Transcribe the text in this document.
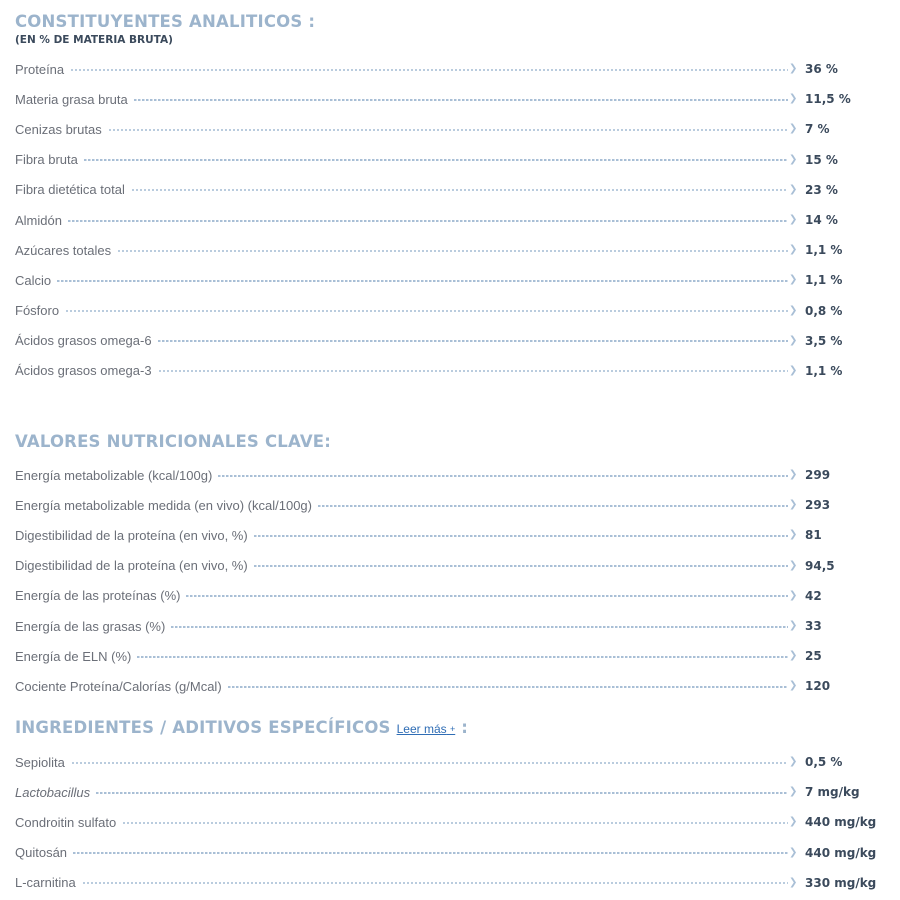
CONSTITUYENTES ANALITICOS :
(EN % DE MATERIA BRUTA)
Proteína	❯ 36 %
Materia grasa bruta	❯ 11,5 %
Cenizas brutas	❯ 7 %
Fibra bruta	❯ 15 %
Fibra dietética total	❯ 23 %
Almidón	❯ 14 %
Azúcares totales	❯ 1,1 %
Calcio	❯ 1,1 %
Fósforo	❯ 0,8 %
Ácidos grasos omega-6	❯ 3,5 %
Ácidos grasos omega-3	❯ 1,1 %
VALORES NUTRICIONALES CLAVE:
Energía metabolizable (kcal/100g)	❯ 299
Energía metabolizable medida (en vivo) (kcal/100g)	❯ 293
Digestibilidad de la proteína (en vivo, %)	❯ 81
Digestibilidad de la proteína (en vivo, %)	❯ 94,5
Energía de las proteínas (%)	❯ 42
Energía de las grasas (%)	❯ 33
Energía de ELN (%)	❯ 25
Cociente Proteína/Calorías (g/Mcal)	❯ 120
INGREDIENTES / ADITIVOS ESPECÍFICOS Leer más + :
Sepiolita	❯ 0,5 %
Lactobacillus	❯ 7 mg/kg
Condroitin sulfato	❯ 440 mg/kg
Quitosán	❯ 440 mg/kg
L-carnitina	❯ 330 mg/kg
